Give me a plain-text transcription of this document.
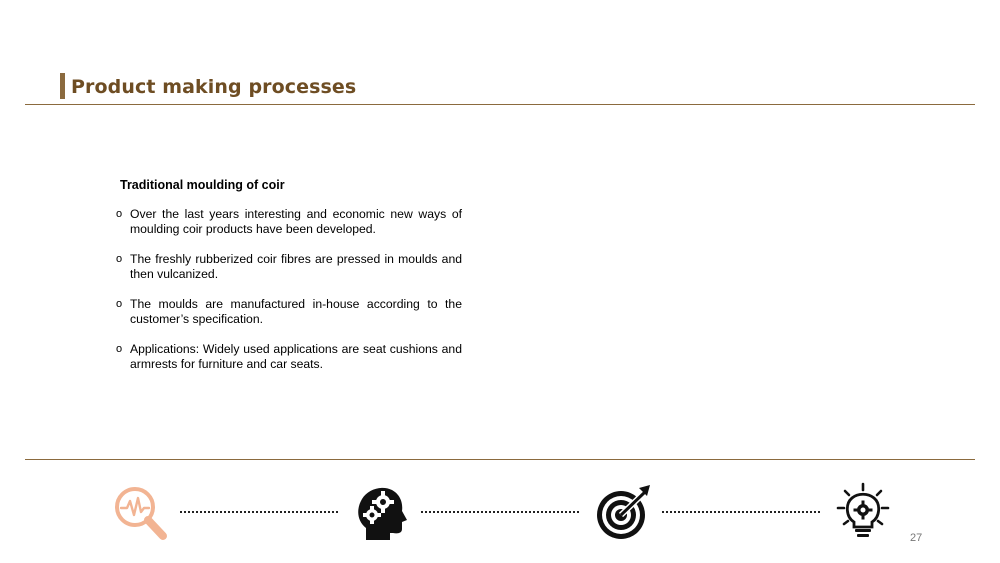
Product making processes

Traditional moulding of coir

o Over the last years interesting and economic new ways of moulding coir products have been developed.
o The freshly rubberized coir fibres are pressed in moulds and then vulcanized.
o The moulds are manufactured in-house according to the customer’s specification.
o Applications: Widely used applications are seat cushions and armrests for furniture and car seats.
27
